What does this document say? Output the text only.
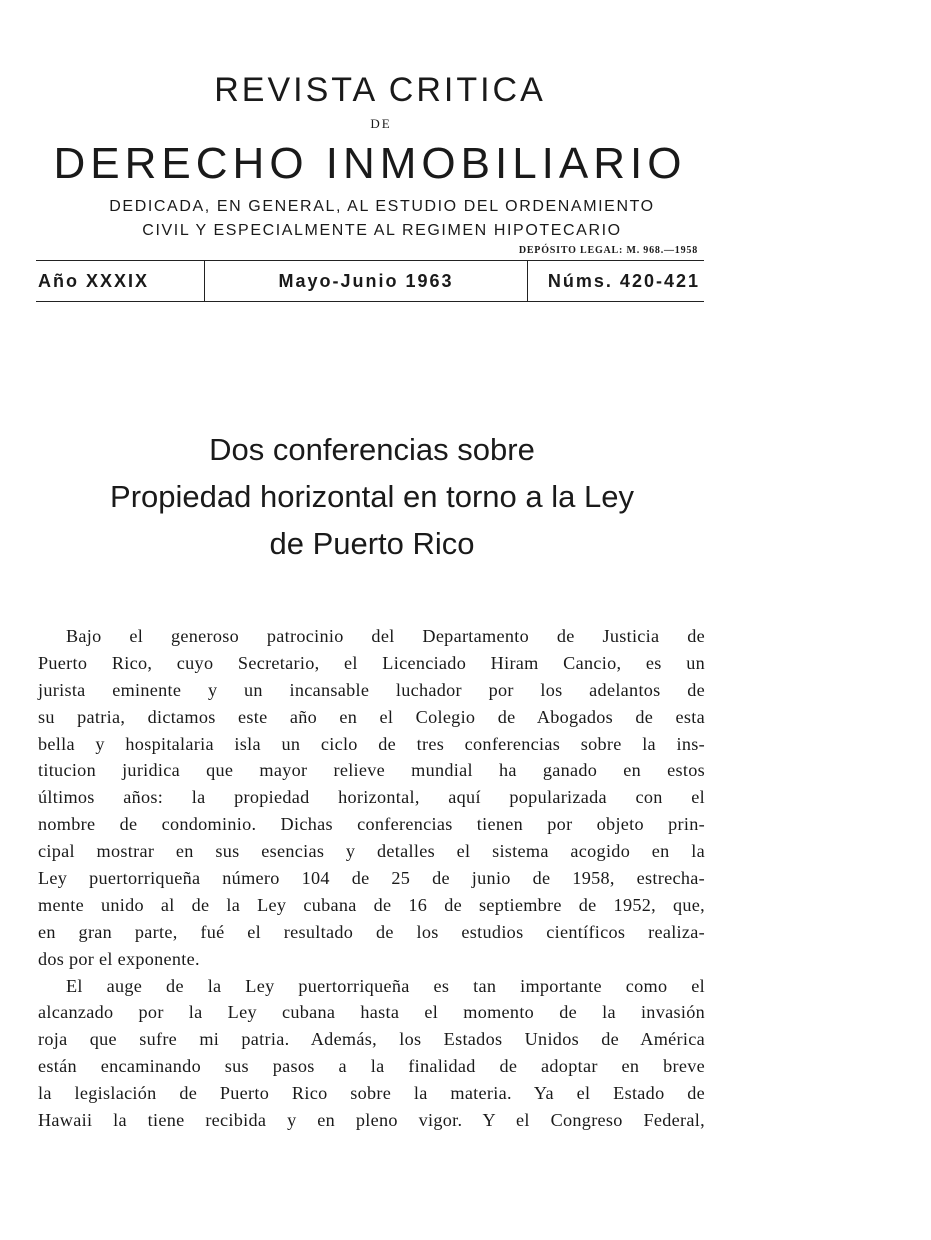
REVISTA CRITICA
DE
DERECHO INMOBILIARIO
DEDICADA, EN GENERAL, AL ESTUDIO DEL ORDENAMIENTO
CIVIL Y ESPECIALMENTE AL REGIMEN HIPOTECARIO
DEPÓSITO LEGAL: M. 968.—1958
Año XXXIX	Mayo-Junio 1963	Núms. 420-421
Dos conferencias sobre
Propiedad horizontal en torno a la Ley
de Puerto Rico
Bajo el generoso patrocinio del Departamento de Justicia de
Puerto Rico, cuyo Secretario, el Licenciado Hiram Cancio, es un
jurista eminente y un incansable luchador por los adelantos de
su patria, dictamos este año en el Colegio de Abogados de esta
bella y hospitalaria isla un ciclo de tres conferencias sobre la ins-
titucion juridica que mayor relieve mundial ha ganado en estos
últimos años: la propiedad horizontal, aquí popularizada con el
nombre de condominio. Dichas conferencias tienen por objeto prin-
cipal mostrar en sus esencias y detalles el sistema acogido en la
Ley puertorriqueña número 104 de 25 de junio de 1958, estrecha-
mente unido al de la Ley cubana de 16 de septiembre de 1952, que,
en gran parte, fué el resultado de los estudios científicos realiza-
dos por el exponente.
El auge de la Ley puertorriqueña es tan importante como el
alcanzado por la Ley cubana hasta el momento de la invasión
roja que sufre mi patria. Además, los Estados Unidos de América
están encaminando sus pasos a la finalidad de adoptar en breve
la legislación de Puerto Rico sobre la materia. Ya el Estado de
Hawaii la tiene recibida y en pleno vigor. Y el Congreso Federal,
